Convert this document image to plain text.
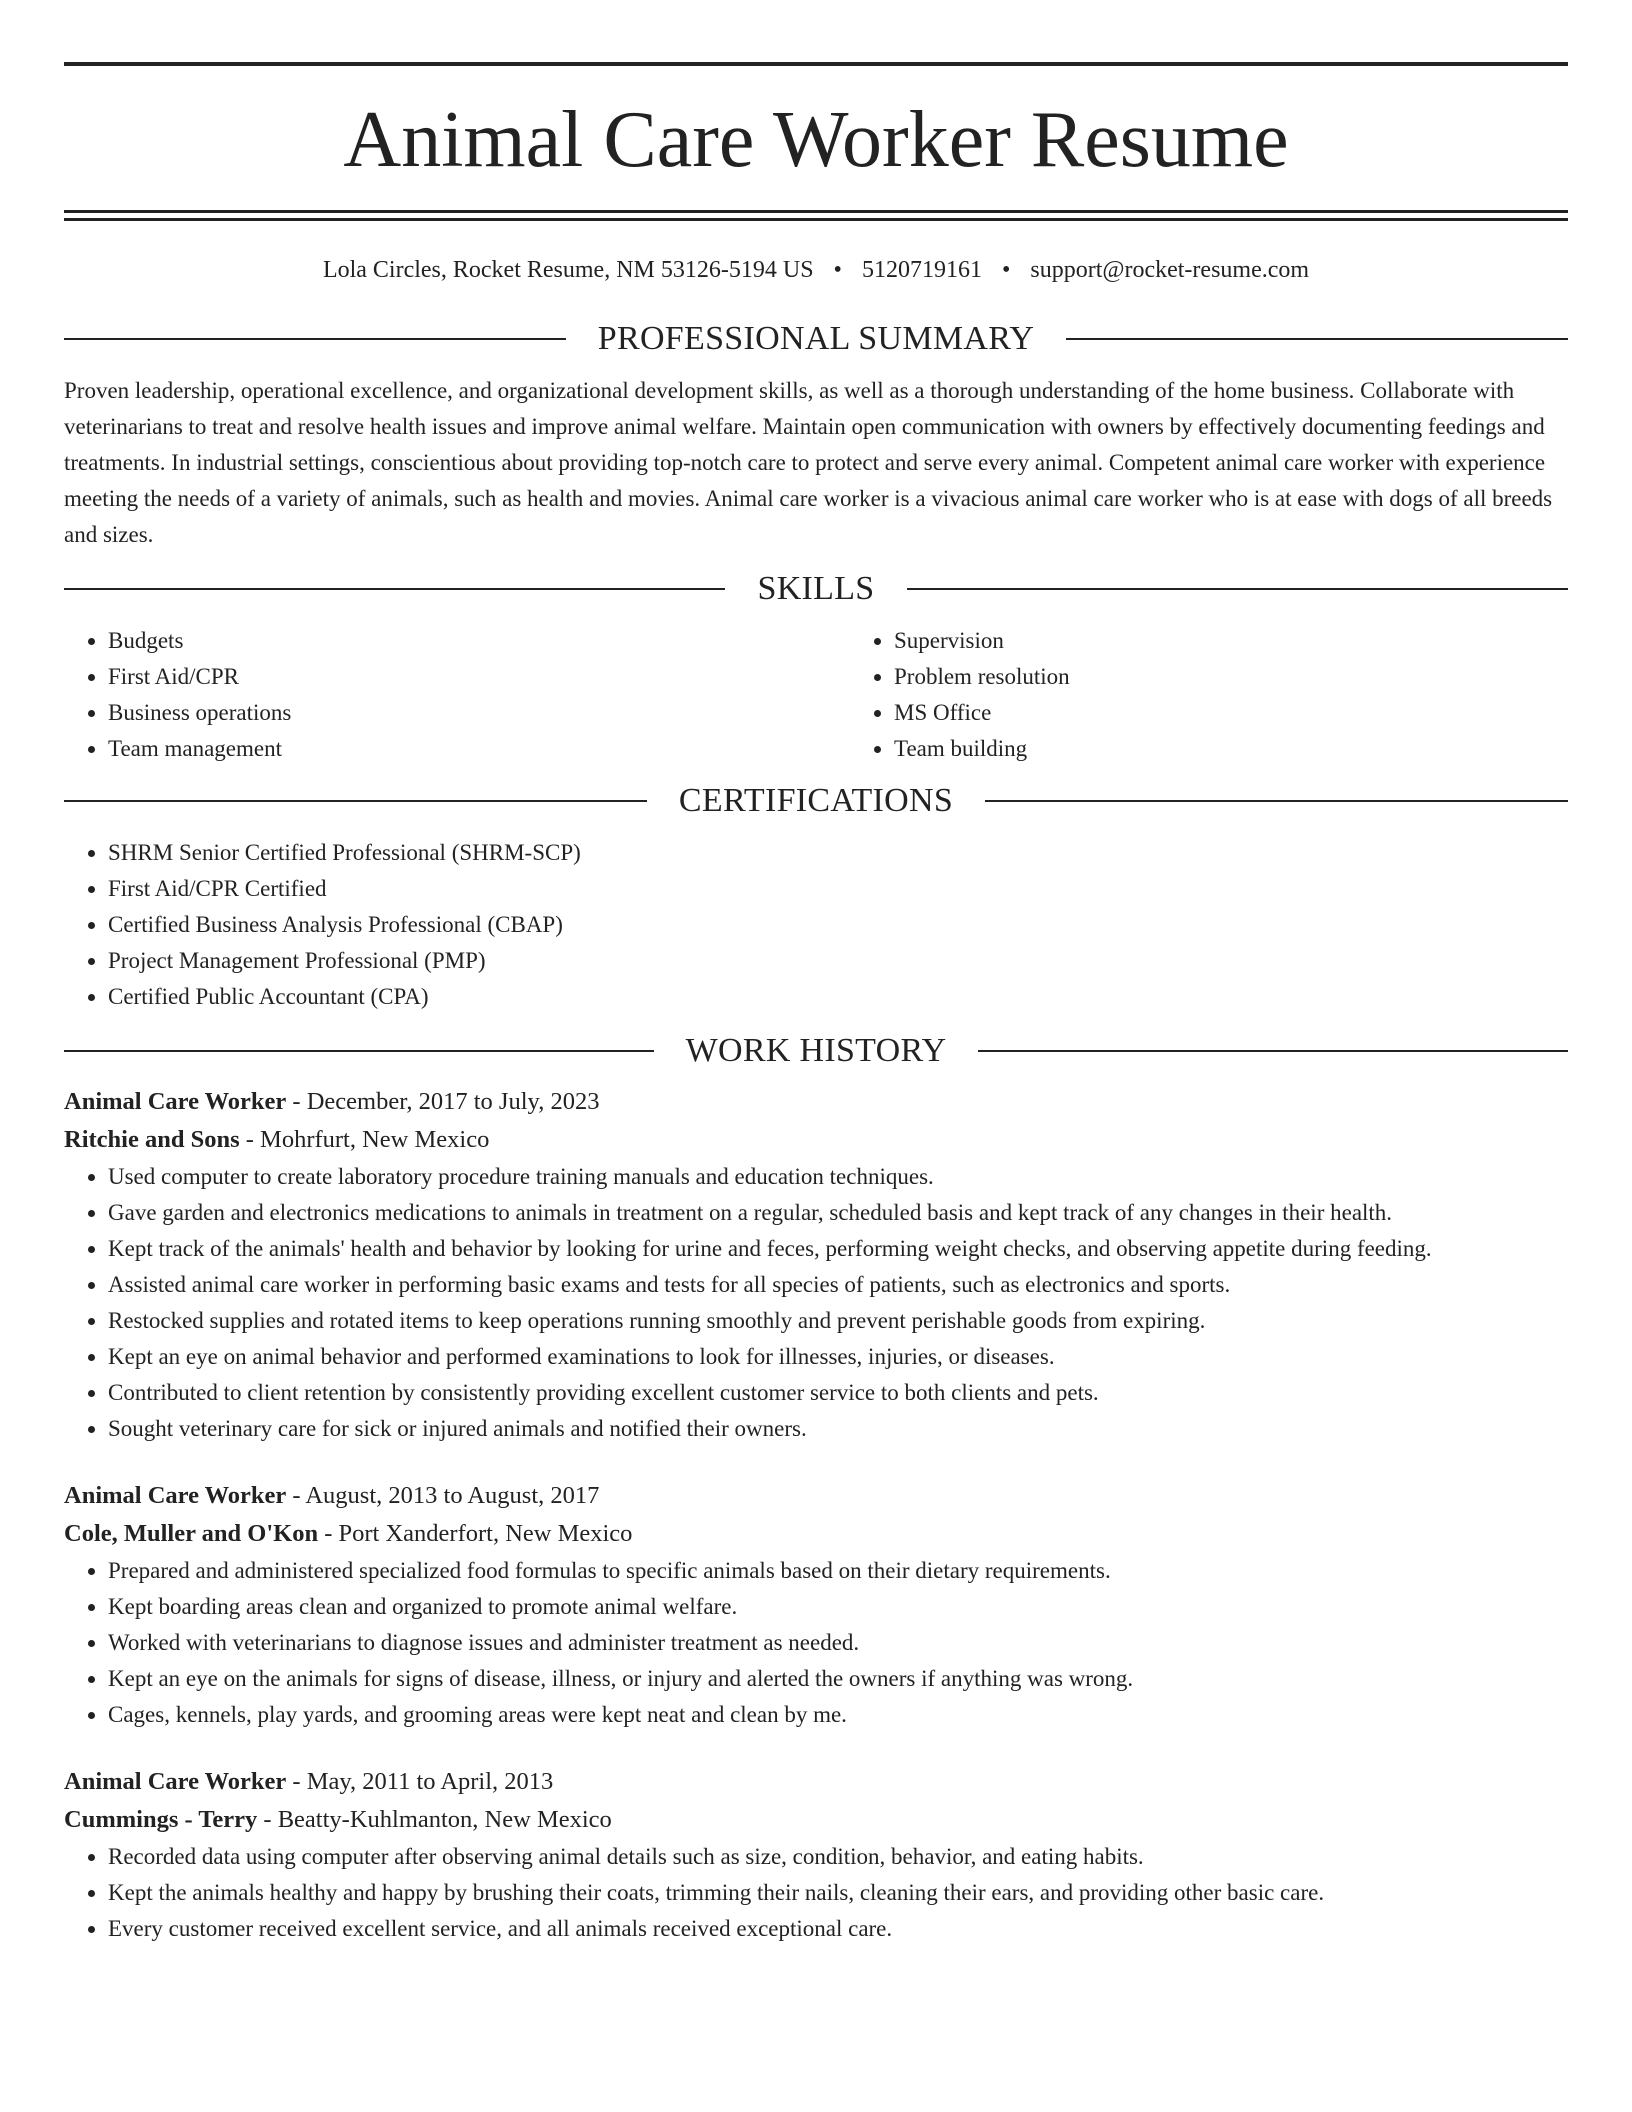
Animal Care Worker Resume
Lola Circles, Rocket Resume, NM 53126-5194 US • 5120719161 • support@rocket-resume.com
PROFESSIONAL SUMMARY

Proven leadership, operational excellence, and organizational development skills, as well as a thorough understanding of the home business. Collaborate with veterinarians to treat and resolve health issues and improve animal welfare. Maintain open communication with owners by effectively documenting feedings and treatments. In industrial settings, conscientious about providing top-notch care to protect and serve every animal. Competent animal care worker with experience meeting the needs of a variety of animals, such as health and movies. Animal care worker is a vivacious animal care worker who is at ease with dogs of all breeds and sizes.

SKILLS
• Budgets
• First Aid/CPR
• Business operations
• Team management
• Supervision
• Problem resolution
• MS Office
• Team building
CERTIFICATIONS
• SHRM Senior Certified Professional (SHRM-SCP)
• First Aid/CPR Certified
• Certified Business Analysis Professional (CBAP)
• Project Management Professional (PMP)
• Certified Public Accountant (CPA)
WORK HISTORY
Animal Care Worker - December, 2017 to July, 2023
Ritchie and Sons - Mohrfurt, New Mexico
• Used computer to create laboratory procedure training manuals and education techniques.
• Gave garden and electronics medications to animals in treatment on a regular, scheduled basis and kept track of any changes in their health.
• Kept track of the animals' health and behavior by looking for urine and feces, performing weight checks, and observing appetite during feeding.
• Assisted animal care worker in performing basic exams and tests for all species of patients, such as electronics and sports.
• Restocked supplies and rotated items to keep operations running smoothly and prevent perishable goods from expiring.
• Kept an eye on animal behavior and performed examinations to look for illnesses, injuries, or diseases.
• Contributed to client retention by consistently providing excellent customer service to both clients and pets.
• Sought veterinary care for sick or injured animals and notified their owners.
Animal Care Worker - August, 2013 to August, 2017
Cole, Muller and O'Kon - Port Xanderfort, New Mexico
• Prepared and administered specialized food formulas to specific animals based on their dietary requirements.
• Kept boarding areas clean and organized to promote animal welfare.
• Worked with veterinarians to diagnose issues and administer treatment as needed.
• Kept an eye on the animals for signs of disease, illness, or injury and alerted the owners if anything was wrong.
• Cages, kennels, play yards, and grooming areas were kept neat and clean by me.
Animal Care Worker - May, 2011 to April, 2013
Cummings - Terry - Beatty-Kuhlmanton, New Mexico
• Recorded data using computer after observing animal details such as size, condition, behavior, and eating habits.
• Kept the animals healthy and happy by brushing their coats, trimming their nails, cleaning their ears, and providing other basic care.
• Every customer received excellent service, and all animals received exceptional care.
